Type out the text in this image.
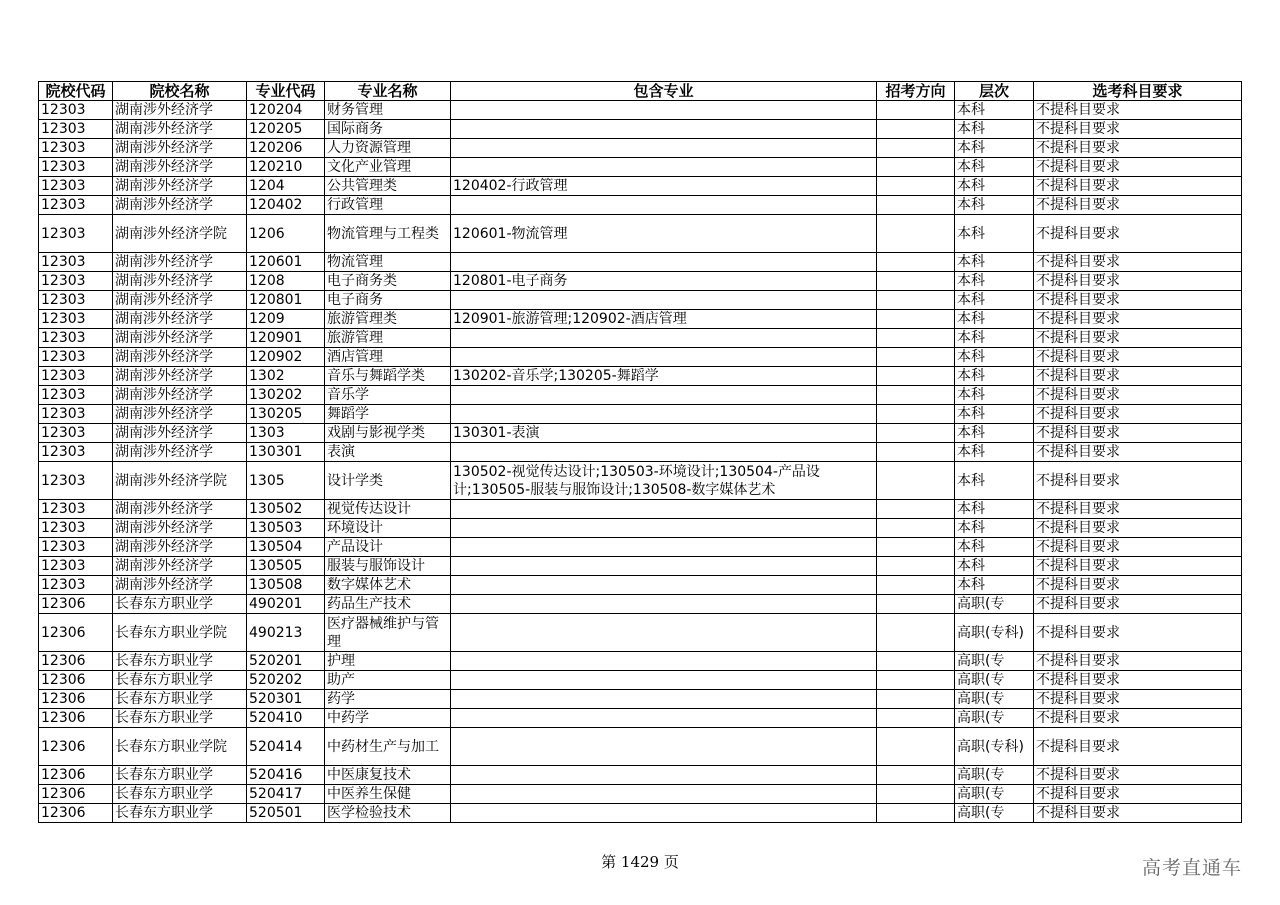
院校代码	院校名称	专业代码	专业名称	包含专业	招考方向	层次	选考科目要求
12303	湖南涉外经济学	120204	财务管理			本科	不提科目要求
12303	湖南涉外经济学	120205	国际商务			本科	不提科目要求
12303	湖南涉外经济学	120206	人力资源管理			本科	不提科目要求
12303	湖南涉外经济学	120210	文化产业管理			本科	不提科目要求
12303	湖南涉外经济学	1204	公共管理类	120402-行政管理		本科	不提科目要求
12303	湖南涉外经济学	120402	行政管理			本科	不提科目要求
12303	湖南涉外经济学院	1206	物流管理与工程类	120601-物流管理		本科	不提科目要求
12303	湖南涉外经济学	120601	物流管理			本科	不提科目要求
12303	湖南涉外经济学	1208	电子商务类	120801-电子商务		本科	不提科目要求
12303	湖南涉外经济学	120801	电子商务			本科	不提科目要求
12303	湖南涉外经济学	1209	旅游管理类	120901-旅游管理;120902-酒店管理		本科	不提科目要求
12303	湖南涉外经济学	120901	旅游管理			本科	不提科目要求
12303	湖南涉外经济学	120902	酒店管理			本科	不提科目要求
12303	湖南涉外经济学	1302	音乐与舞蹈学类	130202-音乐学;130205-舞蹈学		本科	不提科目要求
12303	湖南涉外经济学	130202	音乐学			本科	不提科目要求
12303	湖南涉外经济学	130205	舞蹈学			本科	不提科目要求
12303	湖南涉外经济学	1303	戏剧与影视学类	130301-表演		本科	不提科目要求
12303	湖南涉外经济学	130301	表演			本科	不提科目要求
12303	湖南涉外经济学院	1305	设计学类	130502-视觉传达设计;130503-环境设计;130504-产品设计;130505-服装与服饰设计;130508-数字媒体艺术		本科	不提科目要求
12303	湖南涉外经济学	130502	视觉传达设计			本科	不提科目要求
12303	湖南涉外经济学	130503	环境设计			本科	不提科目要求
12303	湖南涉外经济学	130504	产品设计			本科	不提科目要求
12303	湖南涉外经济学	130505	服装与服饰设计			本科	不提科目要求
12303	湖南涉外经济学	130508	数字媒体艺术			本科	不提科目要求
12306	长春东方职业学	490201	药品生产技术			高职(专	不提科目要求
12306	长春东方职业学院	490213	医疗器械维护与管理			高职(专科)	不提科目要求
12306	长春东方职业学	520201	护理			高职(专	不提科目要求
12306	长春东方职业学	520202	助产			高职(专	不提科目要求
12306	长春东方职业学	520301	药学			高职(专	不提科目要求
12306	长春东方职业学	520410	中药学			高职(专	不提科目要求
12306	长春东方职业学院	520414	中药材生产与加工			高职(专科)	不提科目要求
12306	长春东方职业学	520416	中医康复技术			高职(专	不提科目要求
12306	长春东方职业学	520417	中医养生保健			高职(专	不提科目要求
12306	长春东方职业学	520501	医学检验技术			高职(专	不提科目要求
第 1429 页	高考直通车
